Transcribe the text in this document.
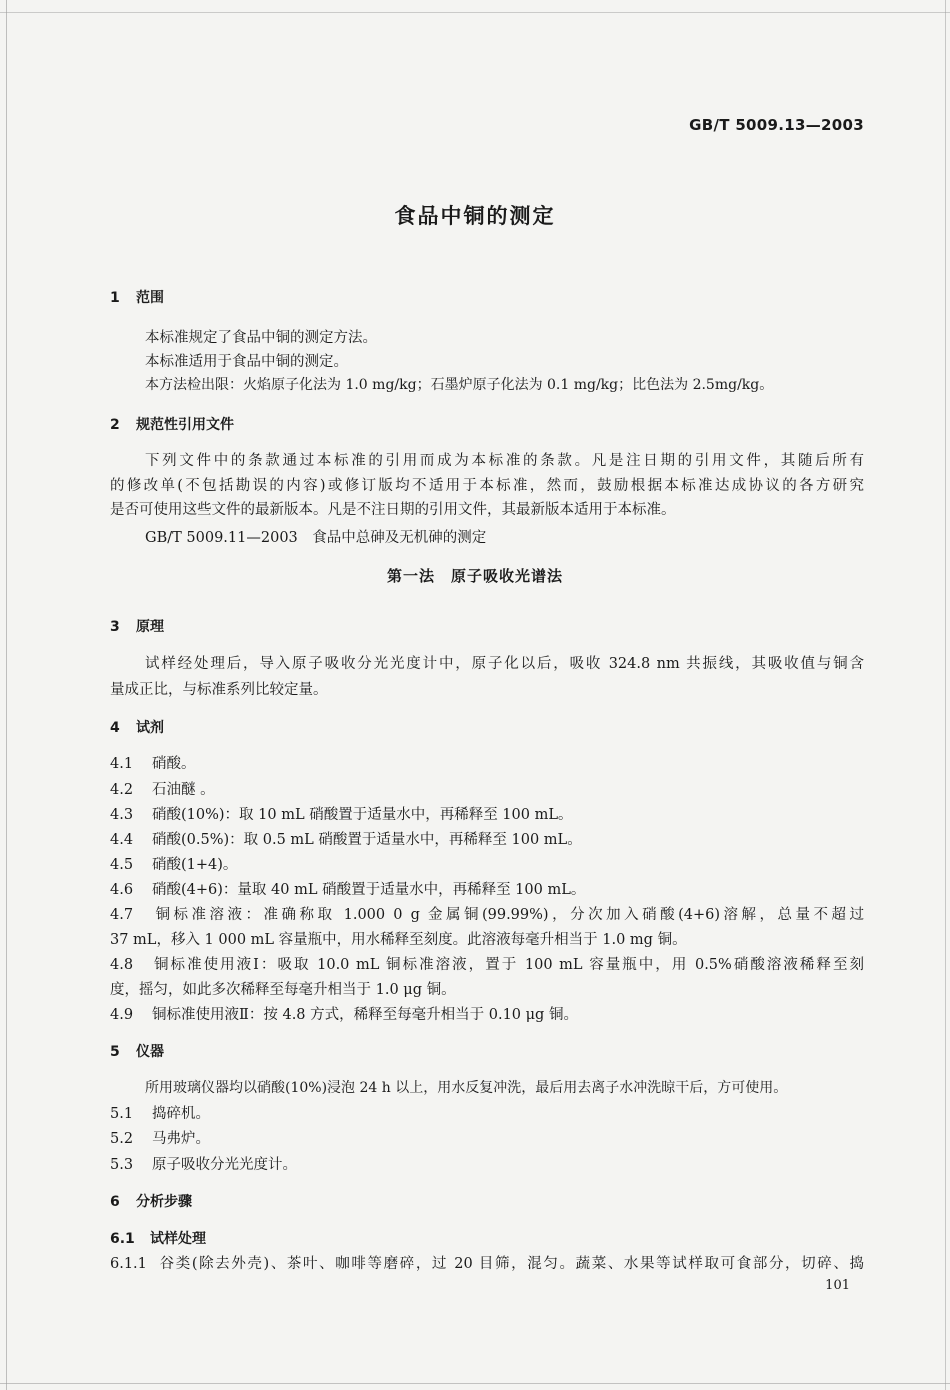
GB/T 5009.13—2003
食品中铜的测定
1 范围
本标准规定了食品中铜的测定方法。
本标准适用于食品中铜的测定。
本方法检出限：火焰原子化法为 1.0 mg/kg；石墨炉原子化法为 0.1 mg/kg；比色法为 2.5mg/kg。
2 规范性引用文件
下列文件中的条款通过本标准的引用而成为本标准的条款。凡是注日期的引用文件，其随后所有
的修改单(不包括勘误的内容)或修订版均不适用于本标准，然而，鼓励根据本标准达成协议的各方研究
是否可使用这些文件的最新版本。凡是不注日期的引用文件，其最新版本适用于本标准。
GB/T 5009.11—2003　食品中总砷及无机砷的测定
第一法　原子吸收光谱法
3 原理
试样经处理后，导入原子吸收分光光度计中，原子化以后，吸收 324.8 nm 共振线，其吸收值与铜含
量成正比，与标准系列比较定量。
4 试剂
4.1 硝酸。
4.2 石油醚 。
4.3 硝酸(10%)：取 10 mL 硝酸置于适量水中，再稀释至 100 mL。
4.4 硝酸(0.5%)：取 0.5 mL 硝酸置于适量水中，再稀释至 100 mL。
4.5 硝酸(1+4)。
4.6 硝酸(4+6)：量取 40 mL 硝酸置于适量水中，再稀释至 100 mL。
4.7 铜标准溶液：准确称取 1.000 0 g 金属铜(99.99%)，分次加入硝酸(4+6)溶解，总量不超过
37 mL，移入 1 000 mL 容量瓶中，用水稀释至刻度。此溶液每毫升相当于 1.0 mg 铜。
4.8 铜标准使用液Ⅰ：吸取 10.0 mL 铜标准溶液，置于 100 mL 容量瓶中，用 0.5%硝酸溶液稀释至刻
度，摇匀，如此多次稀释至每毫升相当于 1.0 μg 铜。
4.9 铜标准使用液Ⅱ：按 4.8 方式，稀释至每毫升相当于 0.10 μg 铜。
5 仪器
所用玻璃仪器均以硝酸(10%)浸泡 24 h 以上，用水反复冲洗，最后用去离子水冲洗晾干后，方可使用。
5.1 捣碎机。
5.2 马弗炉。
5.3 原子吸收分光光度计。
6 分析步骤
6.1 试样处理
6.1.1 谷类(除去外壳)、茶叶、咖啡等磨碎，过 20 目筛，混匀。蔬菜、水果等试样取可食部分，切碎、捣
101
